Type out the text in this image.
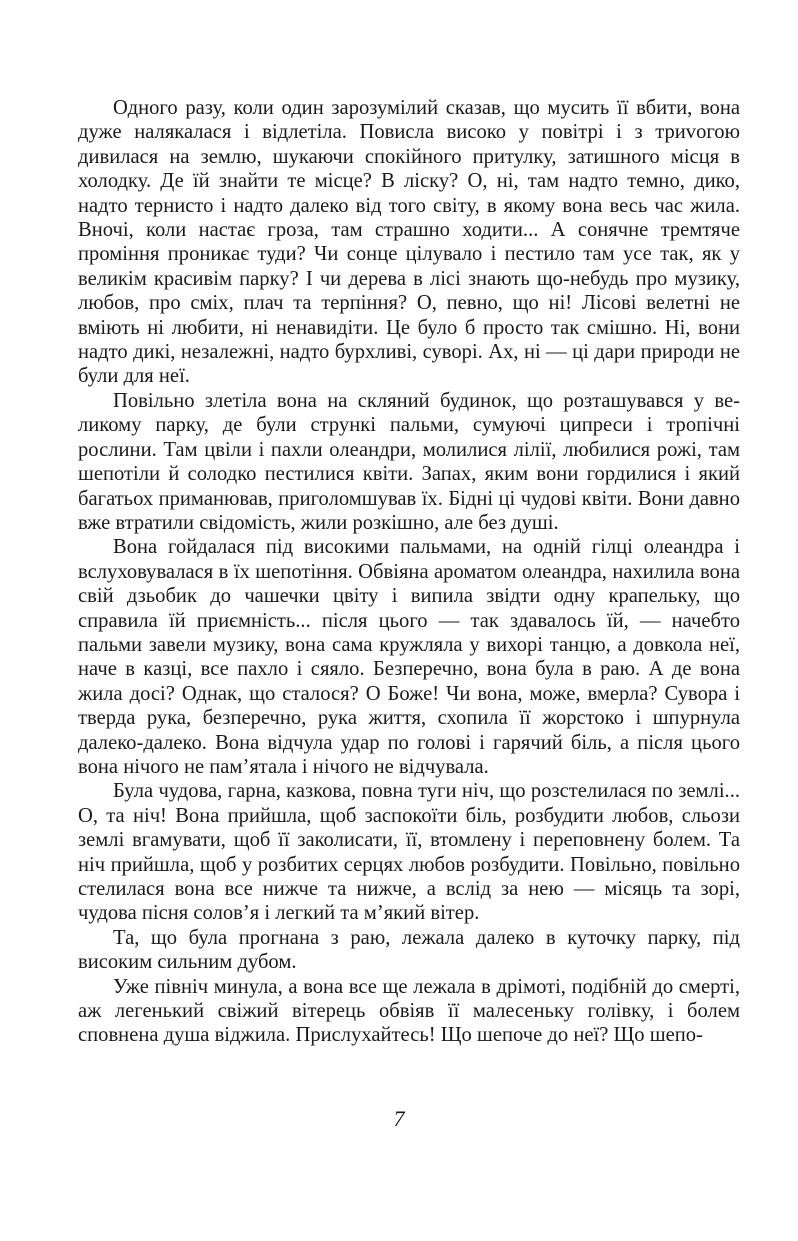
Одного разу, коли один зарозумілий сказав, що мусить її вбити, вона дуже налякалася і відлетіла. Повисла високо у повітрі і з триvогою дивилася на землю, шукаючи спокійного притулку, затишного місця в холодку. Де їй знайти те місце? В ліску? О, ні, там надто темно, дико, надто тернисто і надто далеко від того світу, в якому вона весь час жила. Вночі, коли настає гроза, там страшно ходити... А сонячне тремтяче проміння проникає туди? Чи сонце цілувало і пестило там усе так, як у великім красивім парку? І чи дерева в лісі знають що-небудь про музику, любов, про сміх, плач та терпіння? О, певно, що ні! Лісові велетні не вміють ні любити, ні ненавидіти. Це було б просто так смішно. Ні, вони надто дикі, незалежні, надто бурхливі, суворі. Ах, ні — ці дари природи не були для неї.

Повільно злетіла вона на скляний будинок, що розташувався у великому парку, де були стрункі пальми, сумуючі ципреси і тропічні рослини. Там цвіли і пахли олеандри, молилися лілії, любилися рожі, там шепотіли й солодко пестилися квіти. Запах, яким вони гордилися і який багатьох приманював, приголомшував їх. Бідні ці чудові квіти. Вони давно вже втратили свідомість, жили розкішно, але без душі.

Вона гойдалася під високими пальмами, на одній гілці олеандра і вслуховувалася в їх шепотіння. Обвіяна ароматом олеандра, нахилила вона свій дзьобик до чашечки цвіту і випила звідти одну крапельку, що справила їй приємність... після цього — так здавалось їй, — начебто пальми завели музику, вона сама кружляла у вихорі танцю, а довкола неї, наче в казці, все пахло і сяяло. Безперечно, вона була в раю. А де вона жила досі? Однак, що сталося? О Боже! Чи вона, може, вмерла? Сувора і тверда рука, безперечно, рука життя, схопила її жорстоко і шпурнула далеко-далеко. Вона відчула удар по голові і гарячий біль, а після цього вона нічого не пам’ятала і нічого не відчувала.

Була чудова, гарна, казкова, повна туги ніч, що розстелилася по землі... О, та ніч! Вона прийшла, щоб заспокоїти біль, розбудити любов, сльози землі вгамувати, щоб її заколисати, її, втомлену і переповнену болем. Та ніч прийшла, щоб у розбитих серцях любов розбудити. Повільно, повільно стелилася вона все нижче та нижче, а вслід за нею — місяць та зорі, чудова пісня солов’я і легкий та м’який вітер.

Та, що була прогнана з раю, лежала далеко в куточку парку, під високим сильним дубом.

Уже північ минула, а вона все ще лежала в дрімоті, подібній до смерті, аж легенький свіжий вітерець обвіяв її малесеньку голівку, і болем сповнена душа віджила. Прислухайтесь! Що шепоче до неї? Що шепо-

7
